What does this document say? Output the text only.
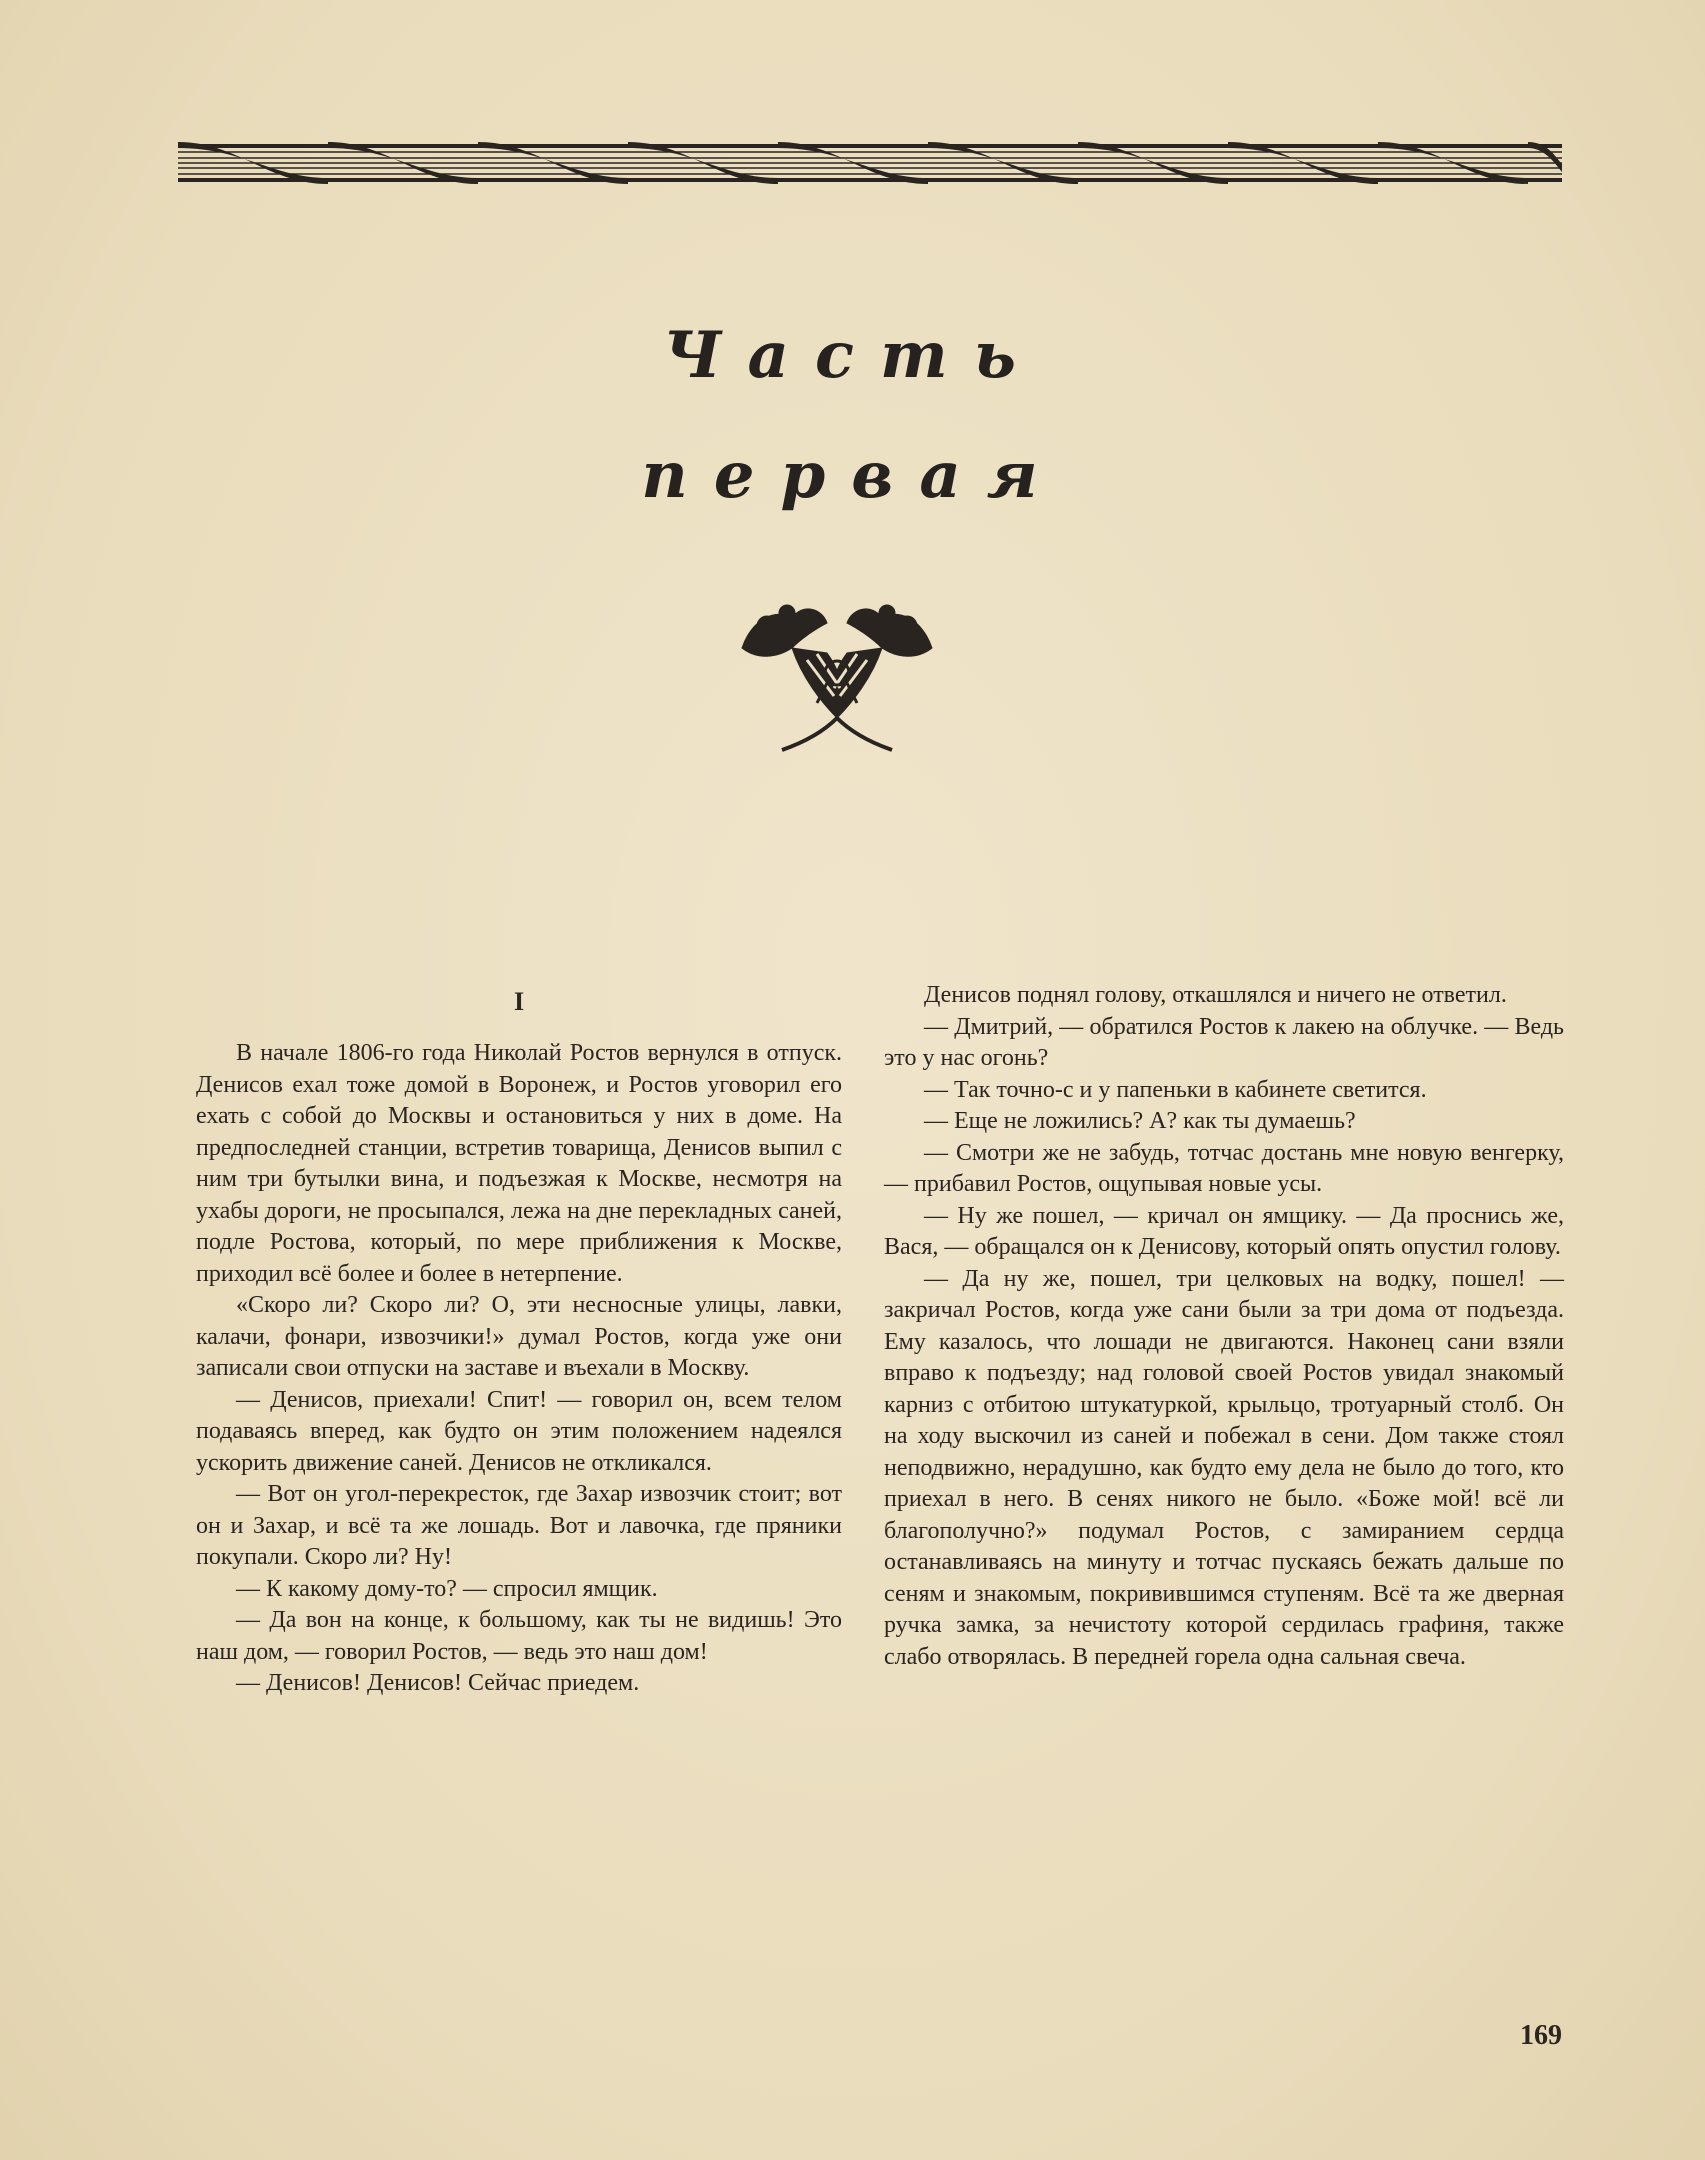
Часть
первая
I

В начале 1806-го года Николай Ростов вернулся в отпуск. Денисов ехал тоже домой в Воронеж, и Ростов уговорил его ехать с собой до Москвы и остановиться у них в доме. На предпоследней станции, встретив товарища, Денисов выпил с ним три бутылки вина, и подъезжая к Москве, несмотря на ухабы дороги, не просыпался, лежа на дне перекладных саней, подле Ростова, который, по мере приближения к Москве, приходил всё более и более в нетерпение.

«Скоро ли? Скоро ли? О, эти несносные улицы, лавки, калачи, фонари, извозчики!» думал Ростов, когда уже они записали свои отпуски на заставе и въехали в Москву.

— Денисов, приехали! Спит! — говорил он, всем телом подаваясь вперед, как будто он этим положением надеялся ускорить движение саней. Денисов не откликался.

— Вот он угол-перекресток, где Захар извозчик стоит; вот он и Захар, и всё та же лошадь. Вот и лавочка, где пряники покупали. Скоро ли? Ну!

— К какому дому-то? — спросил ямщик.

— Да вон на конце, к большому, как ты не видишь! Это наш дом, — говорил Ростов, — ведь это наш дом!

— Денисов! Денисов! Сейчас приедем.

Денисов поднял голову, откашлялся и ничего не ответил.

— Дмитрий, — обратился Ростов к лакею на облучке. — Ведь это у нас огонь?

— Так точно-с и у папеньки в кабинете светится.

— Еще не ложились? А? как ты думаешь?

— Смотри же не забудь, тотчас достань мне новую венгерку, — прибавил Ростов, ощупывая новые усы.

— Ну же пошел, — кричал он ямщику. — Да проснись же, Вася, — обращался он к Денисову, который опять опустил голову.

— Да ну же, пошел, три целковых на водку, пошел! — закричал Ростов, когда уже сани были за три дома от подъезда. Ему казалось, что лошади не двигаются. Наконец сани взяли вправо к подъезду; над головой своей Ростов увидал знакомый карниз с отбитою штукатуркой, крыльцо, тротуарный столб. Он на ходу выскочил из саней и побежал в сени. Дом также стоял неподвижно, нерадушно, как будто ему дела не было до того, кто приехал в него. В сенях никого не было. «Боже мой! всё ли благополучно?» подумал Ростов, с замиранием сердца останавливаясь на минуту и тотчас пускаясь бежать дальше по сеням и знакомым, покривившимся ступеням. Всё та же дверная ручка замка, за нечистоту которой сердилась графиня, также слабо отворялась. В передней горела одна сальная свеча.

169
